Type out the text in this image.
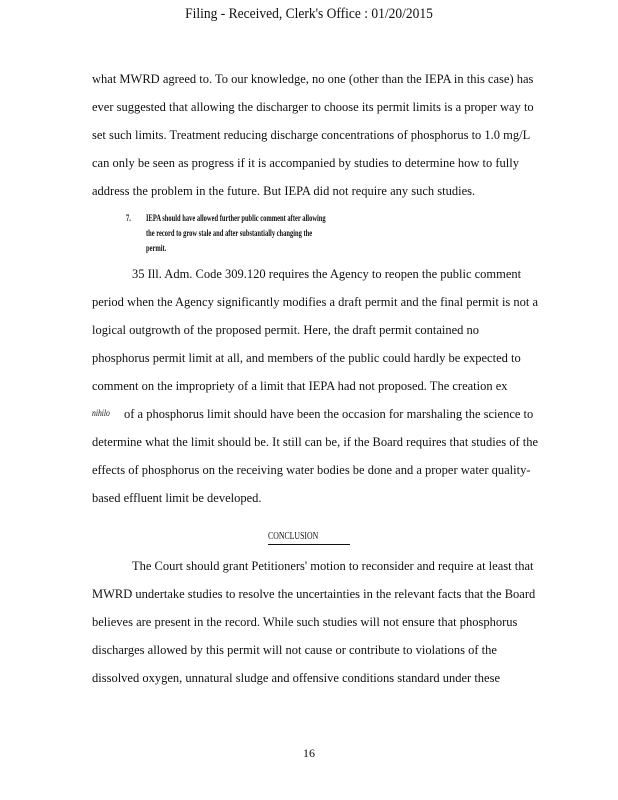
Filing - Received, Clerk's Office : 01/20/2015
what MWRD agreed to. To our knowledge, no one (other than the IEPA in this case) has
ever suggested that allowing the discharger to choose its permit limits is a proper way to
set such limits. Treatment reducing discharge concentrations of phosphorus to 1.0 mg/L
can only be seen as progress if it is accompanied by studies to determine how to fully
address the problem in the future. But IEPA did not require any such studies.
7. IEPA should have allowed further public comment after allowing
the record to grow stale and after substantially changing the
permit.
35 Ill. Adm. Code 309.120 requires the Agency to reopen the public comment
period when the Agency significantly modifies a draft permit and the final permit is not a
logical outgrowth of the proposed permit. Here, the draft permit contained no
phosphorus permit limit at all, and members of the public could hardly be expected to
comment on the impropriety of a limit that IEPA had not proposed. The creation ex
nihilo of a phosphorus limit should have been the occasion for marshaling the science to
determine what the limit should be. It still can be, if the Board requires that studies of the
effects of phosphorus on the receiving water bodies be done and a proper water quality-
based effluent limit be developed.
CONCLUSION
The Court should grant Petitioners' motion to reconsider and require at least that
MWRD undertake studies to resolve the uncertainties in the relevant facts that the Board
believes are present in the record. While such studies will not ensure that phosphorus
discharges allowed by this permit will not cause or contribute to violations of the
dissolved oxygen, unnatural sludge and offensive conditions standard under these
16
